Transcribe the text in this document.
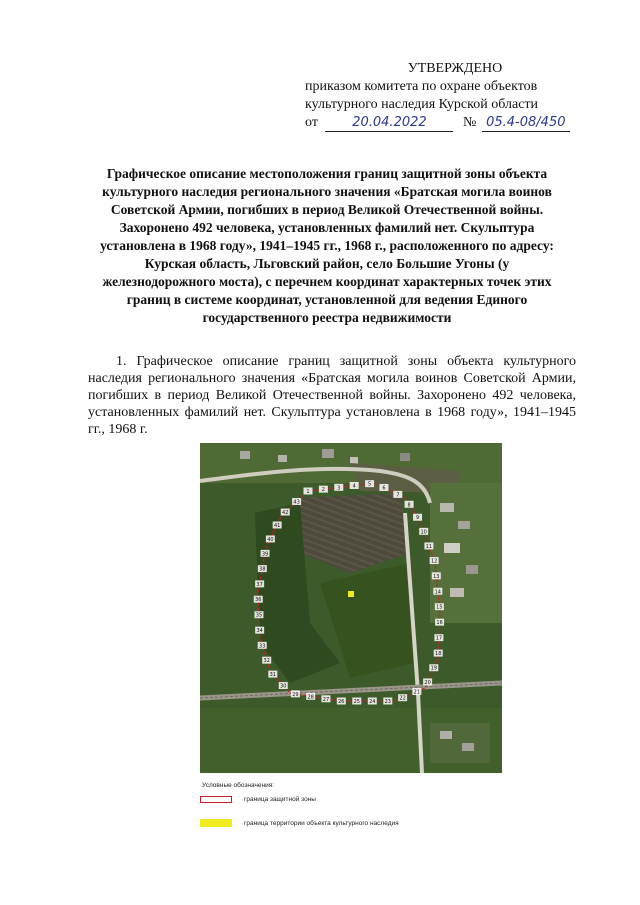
УТВЕРЖДЕНО
приказом комитета по охране объектов
культурного наследия Курской области
от	20.04.2022	№ 05.4-08/450
Графическое описание местоположения границ защитной зоны объекта культурного наследия регионального значения «Братская могила воинов Советской Армии, погибших в период Великой Отечественной войны. Захоронено 492 человека, установленных фамилий нет. Скульптура установлена в 1968 году», 1941–1945 гг., 1968 г., расположенного по адресу: Курская область, Льговский район, село Большие Угоны (у железнодорожного моста), с перечнем координат характерных точек этих границ в системе координат, установленной для ведения Единого государственного реестра недвижимости
1. Графическое описание границ защитной зоны объекта культурного наследия регионального значения «Братская могила воинов Советской Армии, погибших в период Великой Отечественной войны. Захоронено 492 человека, установленных фамилий нет. Скульптура установлена в 1968 году», 1941–1945 гг., 1968 г.
1 2 3 4 5
6
7
8
9
10
11
12
13
14
15
16
17
18
19
20
21
22
23
24
25
26
27
28
29
30
31
32
33
34
35
36
37
38
39
40
41
42
43
Условные обозначения:
граница защитной зоны
граница территории объекта культурного наследия
